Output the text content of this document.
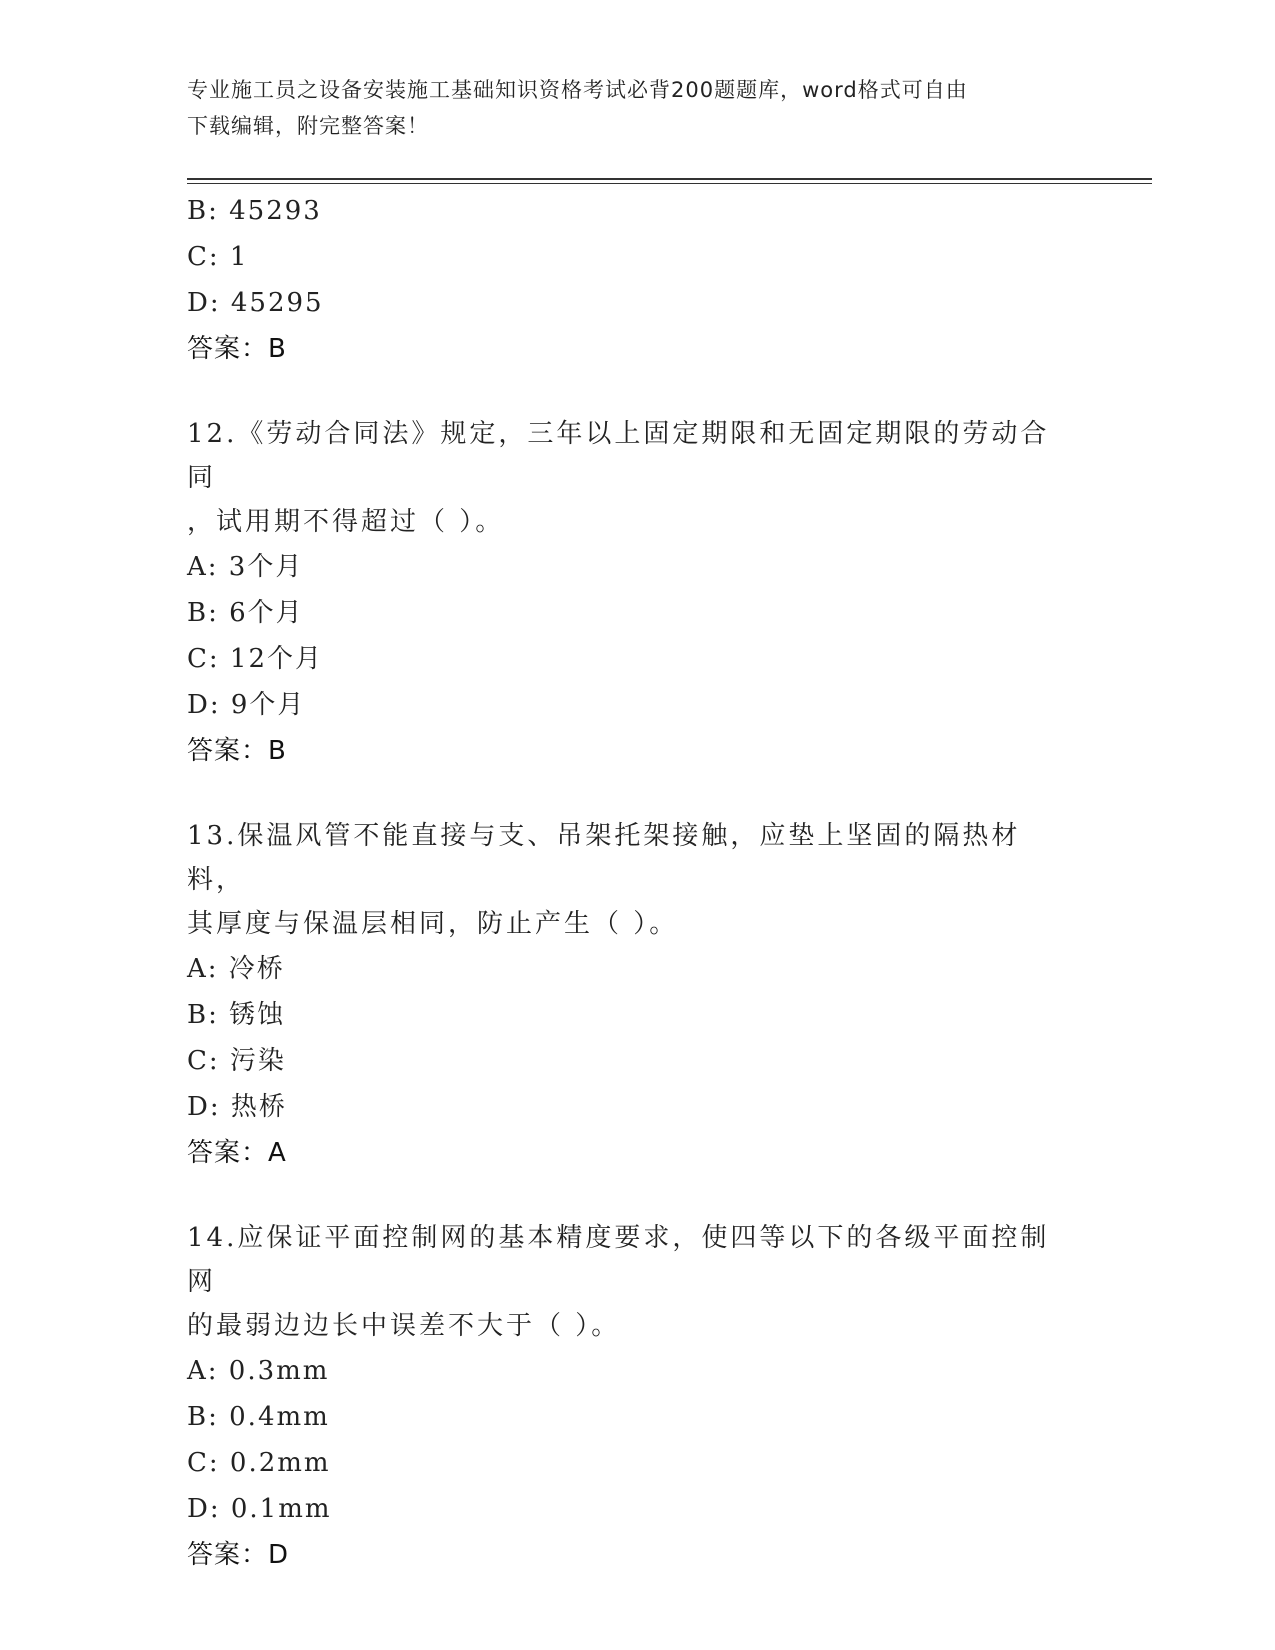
专业施工员之设备安装施工基础知识资格考试必背200题题库，word格式可自由
下载编辑，附完整答案！
B: 45293
C: 1
D: 45295
答案：B
12.《劳动合同法》规定，三年以上固定期限和无固定期限的劳动合同
，试用期不得超过（ ）。
A: 3个月
B: 6个月
C: 12个月
D: 9个月
答案：B
13.保温风管不能直接与支、吊架托架接触，应垫上坚固的隔热材料，
其厚度与保温层相同，防止产生（ ）。
A: 冷桥
B: 锈蚀
C: 污染
D: 热桥
答案：A
14.应保证平面控制网的基本精度要求，使四等以下的各级平面控制网
的最弱边边长中误差不大于（ ）。
A: 0.3mm
B: 0.4mm
C: 0.2mm
D: 0.1mm
答案：D
